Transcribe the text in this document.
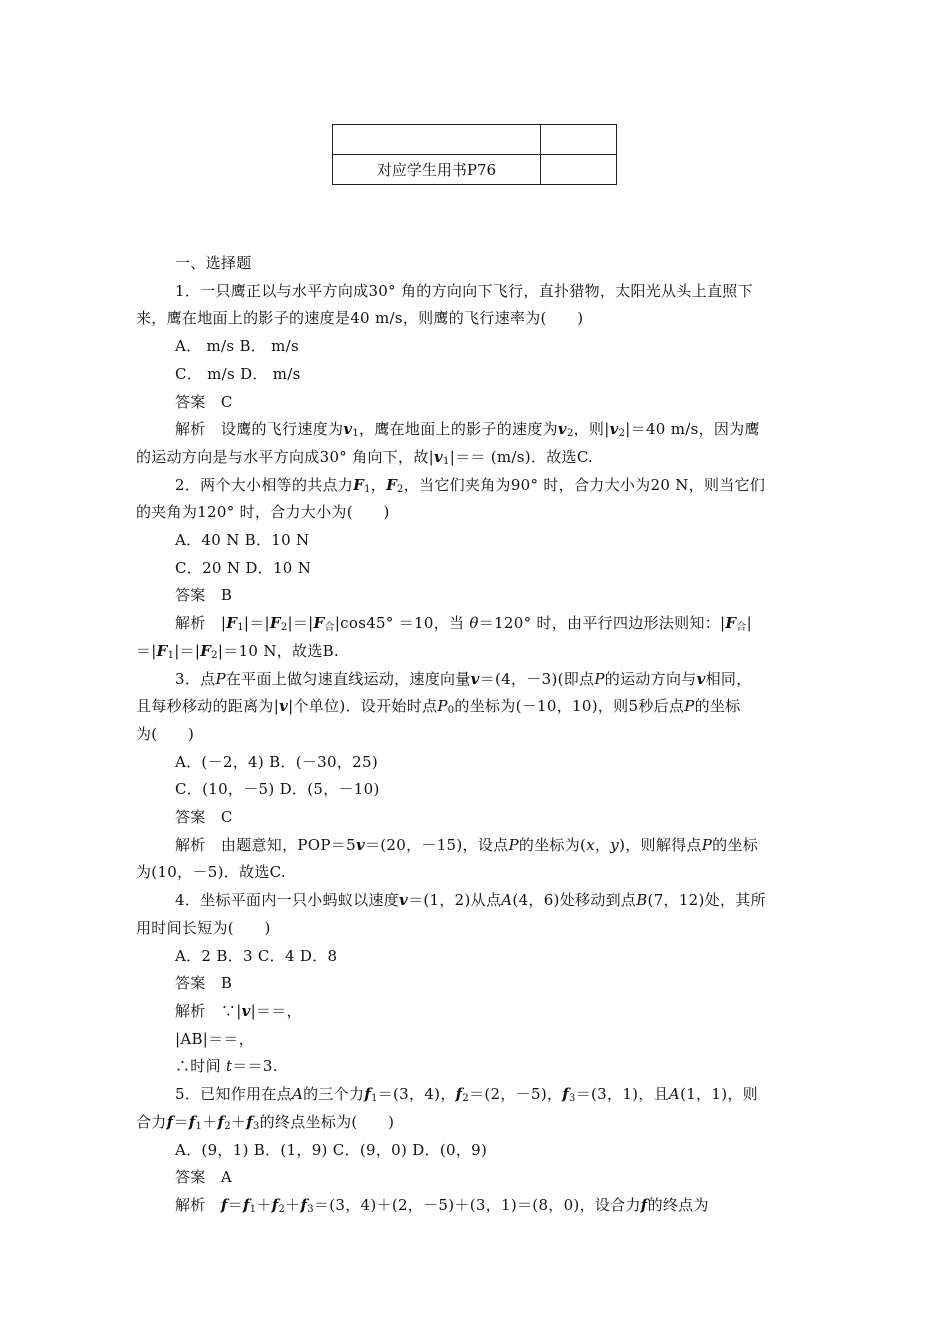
对应学生用书P76	

一、选择题

1．一只鹰正以与水平方向成30° 角的方向向下飞行，直扑猎物，太阳光从头上直照下

来，鹰在地面上的影子的速度是40 m/s，则鹰的飞行速率为(　　)

A． m/s B． m/s

C． m/s D． m/s

答案　C

解析　设鹰的飞行速度为$v_1$，鹰在地面上的影子的速度为$v_2$，则$|v_2|=40$ m/s，因为鹰

的运动方向是与水平方向成30° 角向下，故$|v_1|== (m/s)$．故选C.

2．两个大小相等的共点力$F_1$，$F_2$，当它们夹角为90° 时，合力大小为20 N，则当它们

的夹角为120° 时，合力大小为(　　)

A．40 N B．10 N

C．20 N D．10 N

答案　B

解析　$|F_1|=|F_2|=|F_合|\cos 45^\circ =10$，当 θ＝120° 时，由平行四边形法则知：$|F_合|$

$=|F_1|=|F_2|=10$ N，故选B.

3．点P在平面上做匀速直线运动，速度向量v＝(4，－3)(即点P的运动方向与v相同，

且每秒移动的距离为|v|个单位)．设开始时点$P_0$的坐标为(－10，10)，则5秒后点P的坐标

为(　　)

A．(－2，4) B．(－30，25)

C．(10，－5) D．(5，－10)

答案　C

解析　由题意知，POP＝5v＝(20，－15)，设点P的坐标为(x，y)，则解得点P的坐标

为(10，－5)．故选C.

4．坐标平面内一只小蚂蚁以速度v＝(1，2)从点A(4，6)处移动到点B(7，12)处，其所

用时间长短为(　　)

A．2 B．3 C．4 D．8

答案　B

解析　∵|v|＝＝，

|AB|＝＝，

∴时间 t＝＝3.

5．已知作用在点A的三个力$f_1=(3$，4)，$f_2=(2$，－5)，$f_3=(3$，1)，且A(1，1)，则

合力$f=f_1+f_2+f_3$的终点坐标为(　　)

A．(9，1) B．(1，9) C．(9，0) D．(0，9)

答案　A

解析　$f=f_1+f_2+f_3=(3$，4)＋(2，－5)＋(3，1)＝(8，0)，设合力f的终点为
